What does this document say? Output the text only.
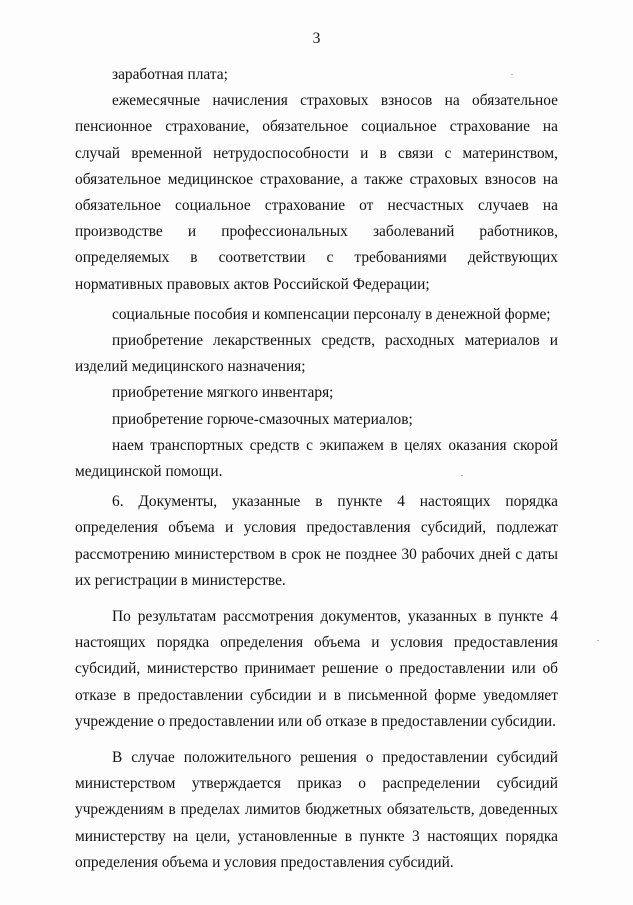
3

заработная плата;

ежемесячные начисления страховых взносов на обязательное пенсионное страхование, обязательное социальное страхование на случай временной нетрудоспособности и в связи с материнством, обязательное медицинское страхование, а также страховых взносов на обязательное социальное страхование от несчастных случаев на производстве и профессиональных заболеваний работников, определяемых в соответствии с требованиями действующих нормативных правовых актов Российской Федерации;

социальные пособия и компенсации персоналу в денежной форме;

приобретение лекарственных средств, расходных материалов и изделий медицинского назначения;

приобретение мягкого инвентаря;

приобретение горюче-смазочных материалов;

наем транспортных средств с экипажем в целях оказания скорой медицинской помощи.

6. Документы, указанные в пункте 4 настоящих порядка определения объема и условия предоставления субсидий, подлежат рассмотрению министерством в срок не позднее 30 рабочих дней с даты их регистрации в министерстве.

По результатам рассмотрения документов, указанных в пункте 4 настоящих порядка определения объема и условия предоставления субсидий, министерство принимает решение о предоставлении или об отказе в предоставлении субсидии и в письменной форме уведомляет учреждение о предоставлении или об отказе в предоставлении субсидии.

В случае положительного решения о предоставлении субсидий министерством утверждается приказ о распределении субсидий учреждениям в пределах лимитов бюджетных обязательств, доведенных министерству на цели, установленные в пункте 3 настоящих порядка определения объема и условия предоставления субсидий.
